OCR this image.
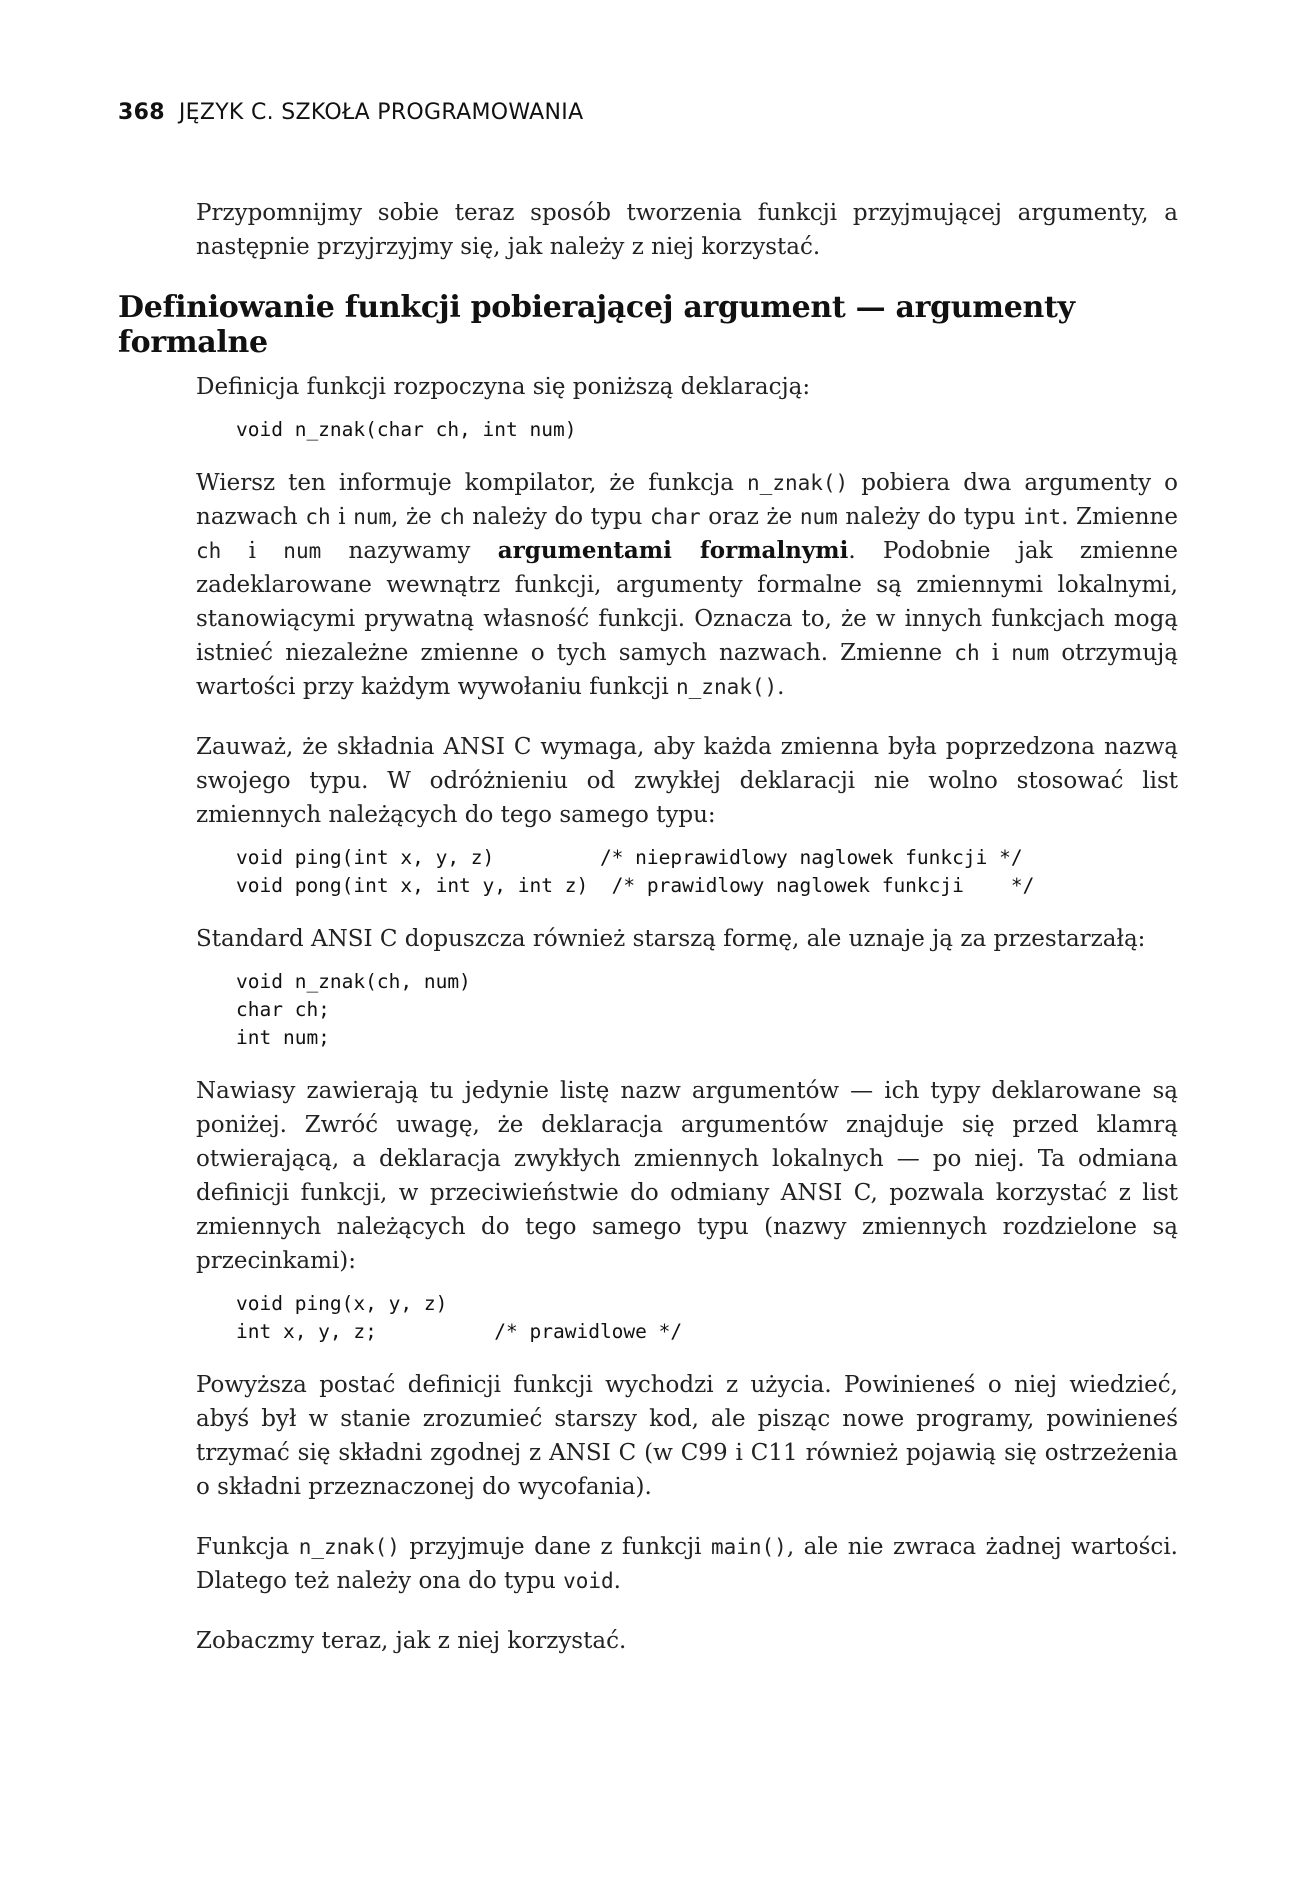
368 JĘZYK C. SZKOŁA PROGRAMOWANIA

Przypomnijmy sobie teraz sposób tworzenia funkcji przyjmującej argumenty, a następnie przyjrzyjmy się, jak należy z niej korzystać.

Definiowanie funkcji pobierającej argument — argumenty formalne

Definicja funkcji rozpoczyna się poniższą deklaracją:

void n_znak(char ch, int num)

Wiersz ten informuje kompilator, że funkcja n_znak() pobiera dwa argumenty o nazwach ch i num, że ch należy do typu char oraz że num należy do typu int. Zmienne ch i num nazywamy argumentami formalnymi. Podobnie jak zmienne zadeklarowane wewnątrz funkcji, argumenty formalne są zmiennymi lokalnymi, stanowiącymi prywatną własność funkcji. Oznacza to, że w innych funkcjach mogą istnieć niezależne zmienne o tych samych nazwach. Zmienne ch i num otrzymują wartości przy każdym wywołaniu funkcji n_znak().

Zauważ, że składnia ANSI C wymaga, aby każda zmienna była poprzedzona nazwą swojego typu. W odróżnieniu od zwykłej deklaracji nie wolno stosować list zmiennych należących do tego samego typu:

void ping(int x, y, z)         /* nieprawidlowy naglowek funkcji */
void pong(int x, int y, int z)  /* prawidlowy naglowek funkcji    */

Standard ANSI C dopuszcza również starszą formę, ale uznaje ją za przestarzałą:

void n_znak(ch, num)
char ch;
int num;

Nawiasy zawierają tu jedynie listę nazw argumentów — ich typy deklarowane są poniżej. Zwróć uwagę, że deklaracja argumentów znajduje się przed klamrą otwierającą, a deklaracja zwykłych zmiennych lokalnych — po niej. Ta odmiana definicji funkcji, w przeciwieństwie do odmiany ANSI C, pozwala korzystać z list zmiennych należących do tego samego typu (nazwy zmiennych rozdzielone są przecinkami):

void ping(x, y, z)
int x, y, z;          /* prawidlowe */

Powyższa postać definicji funkcji wychodzi z użycia. Powinieneś o niej wiedzieć, abyś był w stanie zrozumieć starszy kod, ale pisząc nowe programy, powinieneś trzymać się składni zgodnej z ANSI C (w C99 i C11 również pojawią się ostrzeżenia o składni przeznaczonej do wycofania).

Funkcja n_znak() przyjmuje dane z funkcji main(), ale nie zwraca żadnej wartości. Dlatego też należy ona do typu void.

Zobaczmy teraz, jak z niej korzystać.
